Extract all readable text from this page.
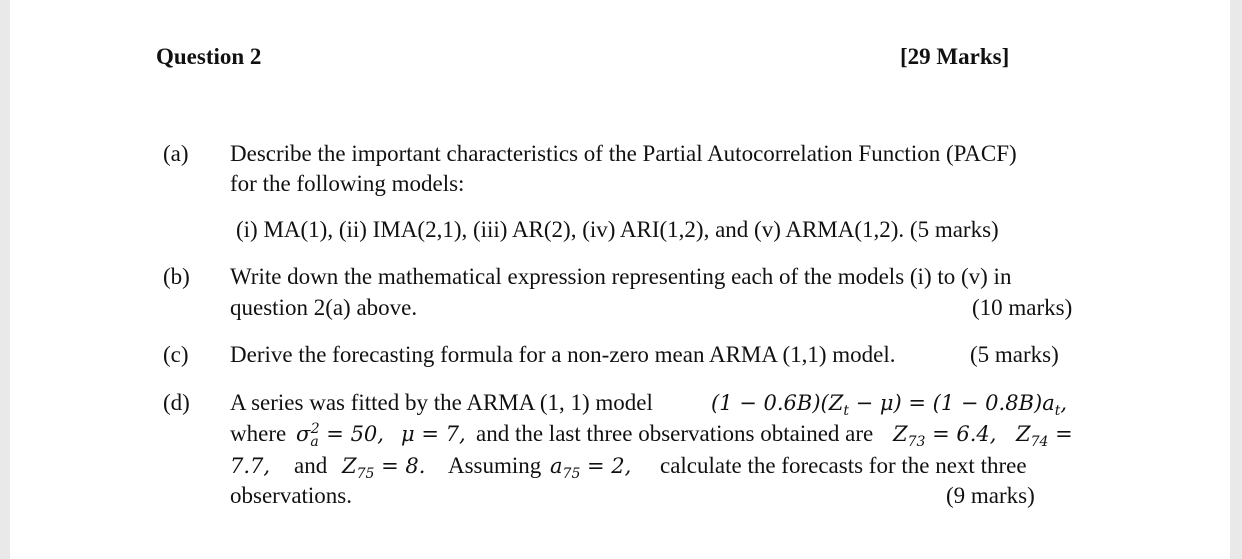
Question 2	[29 Marks]
(a) Describe the important characteristics of the Partial Autocorrelation Function (PACF)
for the following models:
(i) MA(1), (ii) IMA(2,1), (iii) AR(2), (iv) ARI(1,2), and (v) ARMA(1,2). (5 marks)
(b) Write down the mathematical expression representing each of the models (i) to (v) in
question 2(a) above.	(10 marks)
(c) Derive the forecasting formula for a non-zero mean ARMA (1,1) model.	(5 marks)
(d) A series was fitted by the ARMA (1, 1) model	$(1 - 0.6B)(Z_t - \mu) = (1 - 0.8B)a_t$,
where $\sigma_a^2 = 50$, μ = 7, and the last three observations obtained are $Z_{73} = 6.4$, $Z_{74}$ =
7.7, and $Z_{75} = 8$. Assuming $a_{75} = 2$, calculate the forecasts for the next three
observations.	(9 marks)
